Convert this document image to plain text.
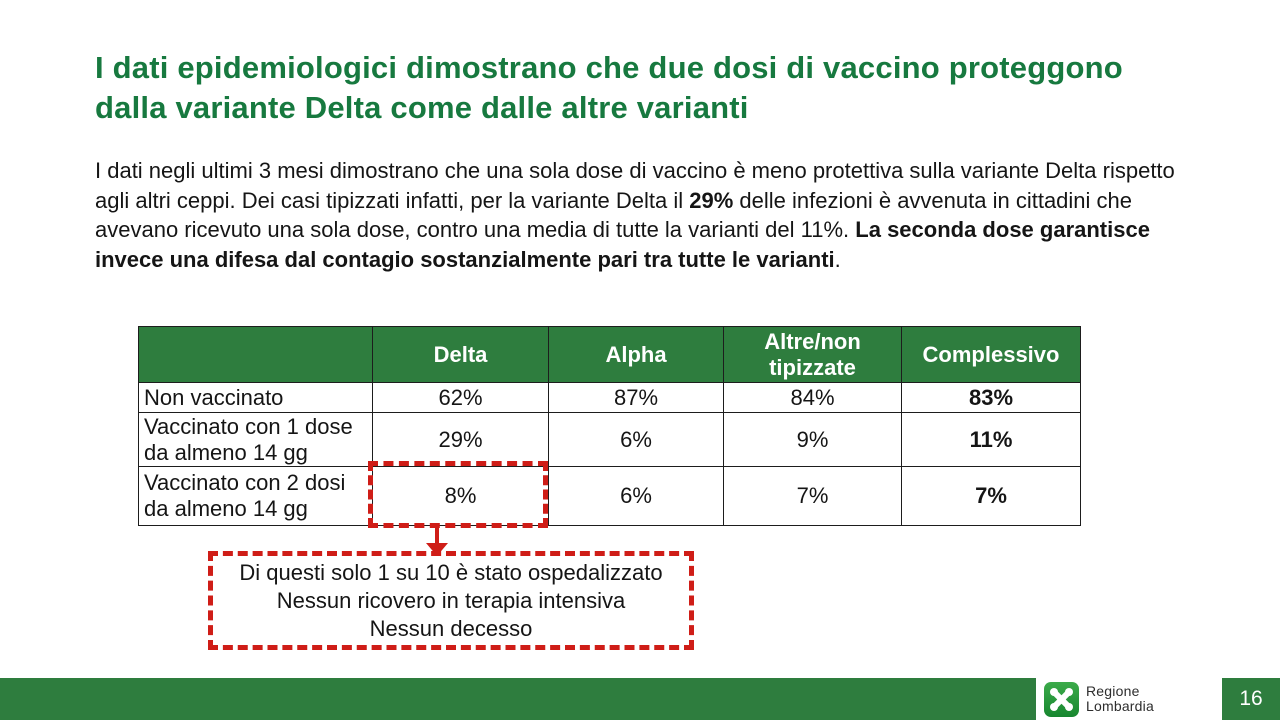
I dati epidemiologici dimostrano che due dosi di vaccino proteggono dalla variante Delta come dalle altre varianti

I dati negli ultimi 3 mesi dimostrano che una sola dose di vaccino è meno protettiva sulla variante Delta rispetto agli altri ceppi. Dei casi tipizzati infatti, per la variante Delta il 29% delle infezioni è avvenuta in cittadini che avevano ricevuto una sola dose, contro una media di tutte la varianti del 11%. La seconda dose garantisce invece una difesa dal contagio sostanzialmente pari tra tutte le varianti.

	Delta	Alpha	Altre/non tipizzate	Complessivo
Non vaccinato	62%	87%	84%	83%
Vaccinato con 1 dose da almeno 14 gg	29%	6%	9%	11%
Vaccinato con 2 dosi da almeno 14 gg	8%	6%	7%	7%
Di questi solo 1 su 10 è stato ospedalizzato
Nessun ricovero in terapia intensiva
Nessun decesso
Regione
Lombardia	16
